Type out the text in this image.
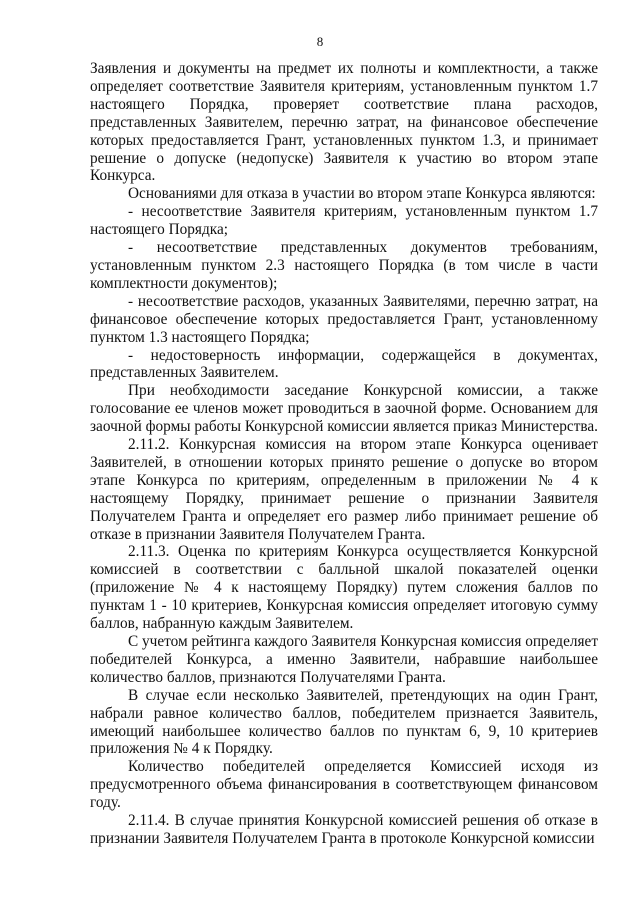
8

Заявления и документы на предмет их полноты и комплектности, а также определяет соответствие Заявителя критериям, установленным пунктом 1.7 настоящего Порядка, проверяет соответствие плана расходов, представленных Заявителем, перечню затрат, на финансовое обеспечение которых предоставляется Грант, установленных пунктом 1.3, и принимает решение о допуске (недопуске) Заявителя к участию во втором этапе Конкурса.

Основаниями для отказа в участии во втором этапе Конкурса являются:

- несоответствие Заявителя критериям, установленным пунктом 1.7 настоящего Порядка;

- несоответствие представленных документов требованиям, установленным пунктом 2.3 настоящего Порядка (в том числе в части комплектности документов);

- несоответствие расходов, указанных Заявителями, перечню затрат, на финансовое обеспечение которых предоставляется Грант, установленному пунктом 1.3 настоящего Порядка;

- недостоверность информации, содержащейся в документах, представленных Заявителем.

При необходимости заседание Конкурсной комиссии, а также голосование ее членов может проводиться в заочной форме. Основанием для заочной формы работы Конкурсной комиссии является приказ Министерства.

2.11.2. Конкурсная комиссия на втором этапе Конкурса оценивает Заявителей, в отношении которых принято решение о допуске во втором этапе Конкурса по критериям, определенным в приложении № 4 к настоящему Порядку, принимает решение о признании Заявителя Получателем Гранта и определяет его размер либо принимает решение об отказе в признании Заявителя Получателем Гранта.

2.11.3. Оценка по критериям Конкурса осуществляется Конкурсной комиссией в соответствии с балльной шкалой показателей оценки (приложение № 4 к настоящему Порядку) путем сложения баллов по пунктам 1 - 10 критериев, Конкурсная комиссия определяет итоговую сумму баллов, набранную каждым Заявителем.

С учетом рейтинга каждого Заявителя Конкурсная комиссия определяет победителей Конкурса, а именно Заявители, набравшие наибольшее количество баллов, признаются Получателями Гранта.

В случае если несколько Заявителей, претендующих на один Грант, набрали равное количество баллов, победителем признается Заявитель, имеющий наибольшее количество баллов по пунктам 6, 9, 10 критериев приложения № 4 к Порядку.

Количество победителей определяется Комиссией исходя из предусмотренного объема финансирования в соответствующем финансовом году.

2.11.4. В случае принятия Конкурсной комиссией решения об отказе в признании Заявителя Получателем Гранта в протоколе Конкурсной комиссии
